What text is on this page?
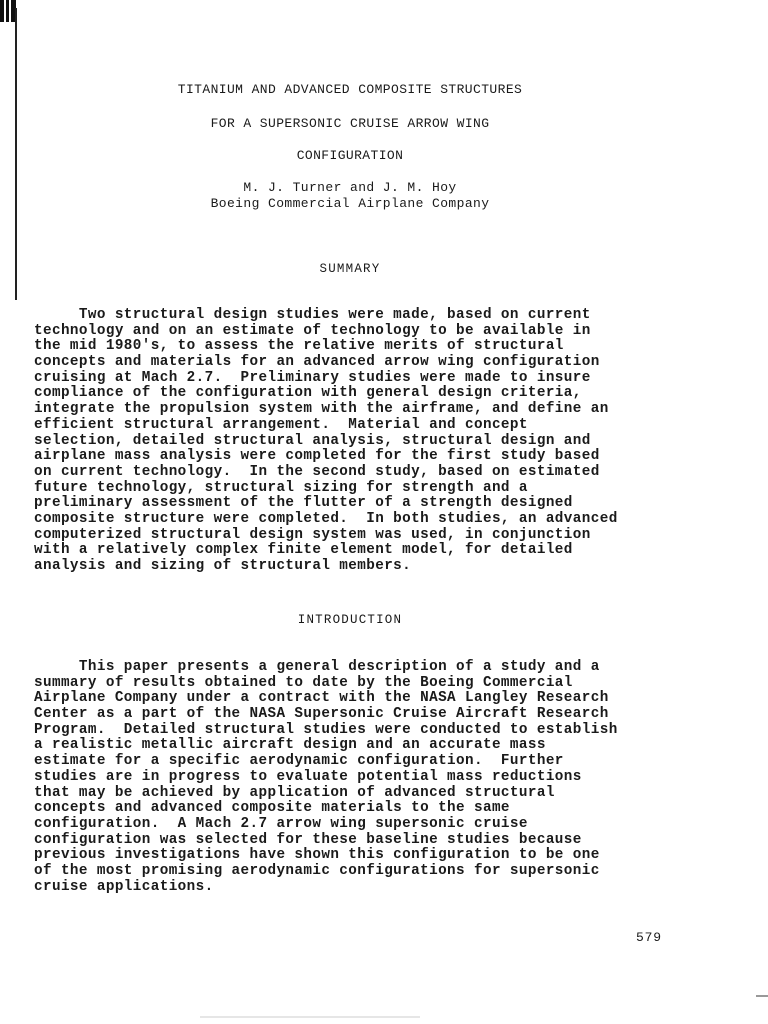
TITANIUM AND ADVANCED COMPOSITE STRUCTURES
FOR A SUPERSONIC CRUISE ARROW WING
CONFIGURATION
M. J. Turner and J. M. Hoy
Boeing Commercial Airplane Company
SUMMARY
Two structural design studies were made, based on current
technology and on an estimate of technology to be available in
the mid 1980's, to assess the relative merits of structural
concepts and materials for an advanced arrow wing configuration
cruising at Mach 2.7.  Preliminary studies were made to insure
compliance of the configuration with general design criteria,
integrate the propulsion system with the airframe, and define an
efficient structural arrangement.  Material and concept
selection, detailed structural analysis, structural design and
airplane mass analysis were completed for the first study based
on current technology.  In the second study, based on estimated
future technology, structural sizing for strength and a
preliminary assessment of the flutter of a strength designed
composite structure were completed.  In both studies, an advanced
computerized structural design system was used, in conjunction
with a relatively complex finite element model, for detailed
analysis and sizing of structural members.
INTRODUCTION
This paper presents a general description of a study and a
summary of results obtained to date by the Boeing Commercial
Airplane Company under a contract with the NASA Langley Research
Center as a part of the NASA Supersonic Cruise Aircraft Research
Program.  Detailed structural studies were conducted to establish
a realistic metallic aircraft design and an accurate mass
estimate for a specific aerodynamic configuration.  Further
studies are in progress to evaluate potential mass reductions
that may be achieved by application of advanced structural
concepts and advanced composite materials to the same
configuration.  A Mach 2.7 arrow wing supersonic cruise
configuration was selected for these baseline studies because
previous investigations have shown this configuration to be one
of the most promising aerodynamic configurations for supersonic
cruise applications.
579
